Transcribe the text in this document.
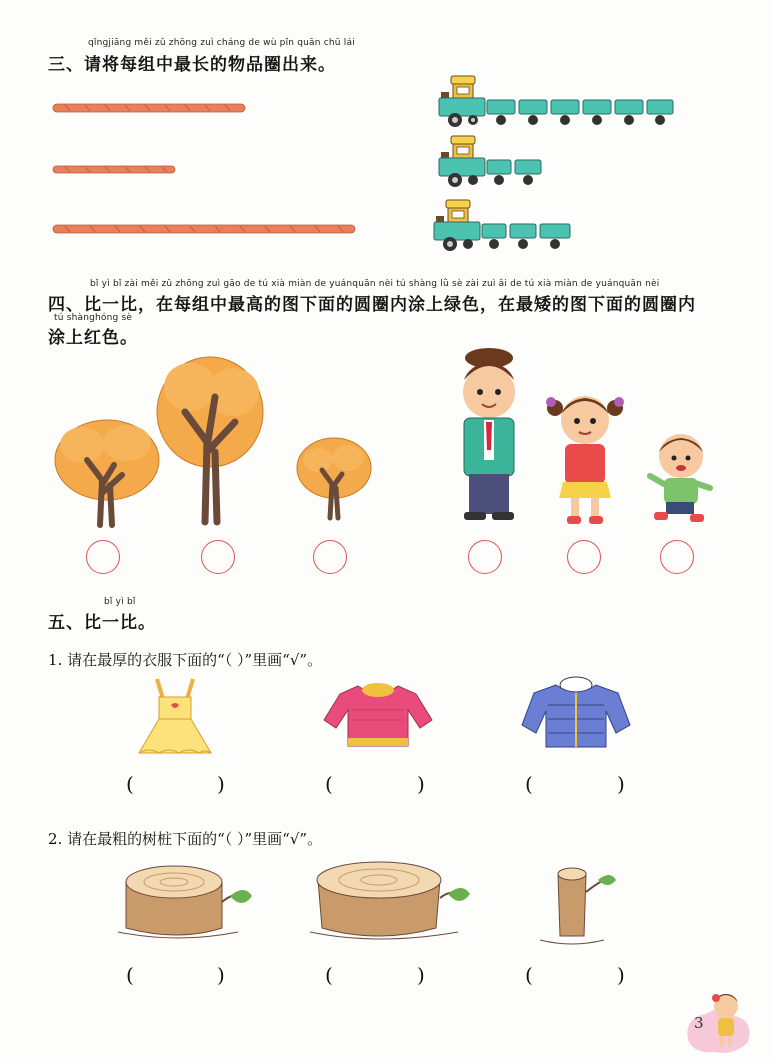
qǐngjiāng měi zǔ zhōng zuì cháng de wù pǐn quān chū lái
三、请将每组中最长的物品圈出来。
bǐ yì bǐ zài měi zǔ zhōng zuì gāo de tú xià miàn de yuánquān nèi tú shàng lǜ sè zài zuì ǎi de tú xià miàn de yuánquān nèi
四、比一比，在每组中最高的图下面的圆圈内涂上绿色，在最矮的图下面的圆圈内
tú shànghóng sè
涂上红色。
bǐ yì bǐ
五、比一比。
1. 请在最厚的衣服下面的“（ ）”里画“√”。
(	)	(	)	(	)
2. 请在最粗的树桩下面的“（ ）”里画“√”。
(	)	(	)	(	)
3
